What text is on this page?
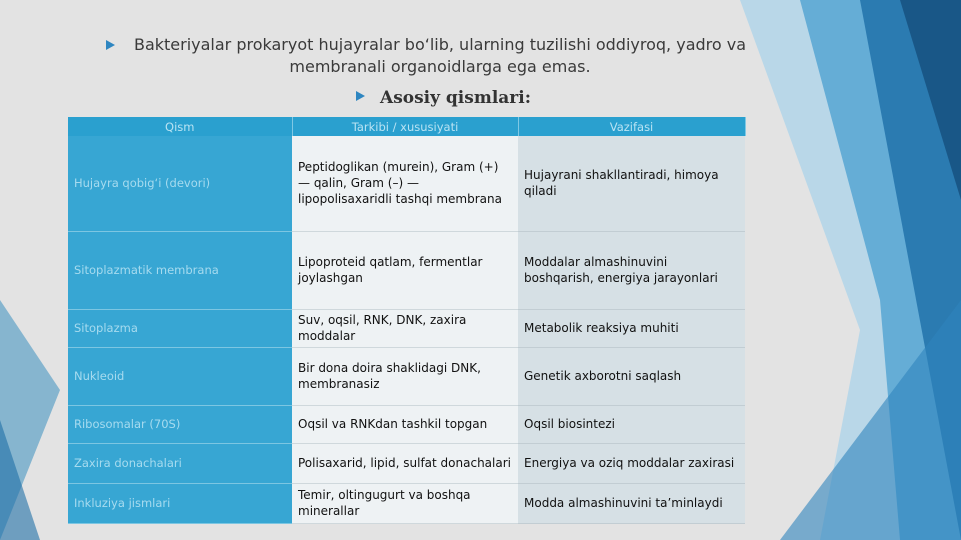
Bakteriyalar prokaryot hujayralar bo‘lib, ularning tuzilishi oddiyroq, yadro va
membranali organoidlarga ega emas.
Asosiy qismlari:
Qism	Tarkibi / xususiyati	Vazifasi
Hujayra qobig‘i (devori)	Peptidoglikan (murein), Gram (+) — qalin, Gram (–) — lipopolisaxaridli tashqi membrana	Hujayrani shakllantiradi, himoya qiladi
Sitoplazmatik membrana	Lipoproteid qatlam, fermentlar joylashgan	Moddalar almashinuvini boshqarish, energiya jarayonlari
Sitoplazma	Suv, oqsil, RNK, DNK, zaxira moddalar	Metabolik reaksiya muhiti
Nukleoid	Bir dona doira shaklidagi DNK, membranasiz	Genetik axborotni saqlash
Ribosomalar (70S)	Oqsil va RNKdan tashkil topgan	Oqsil biosintezi
Zaxira donachalari	Polisaxarid, lipid, sulfat donachalari	Energiya va oziq moddalar zaxirasi
Inkluziya jismlari	Temir, oltingugurt va boshqa minerallar	Modda almashinuvini ta’minlaydi
